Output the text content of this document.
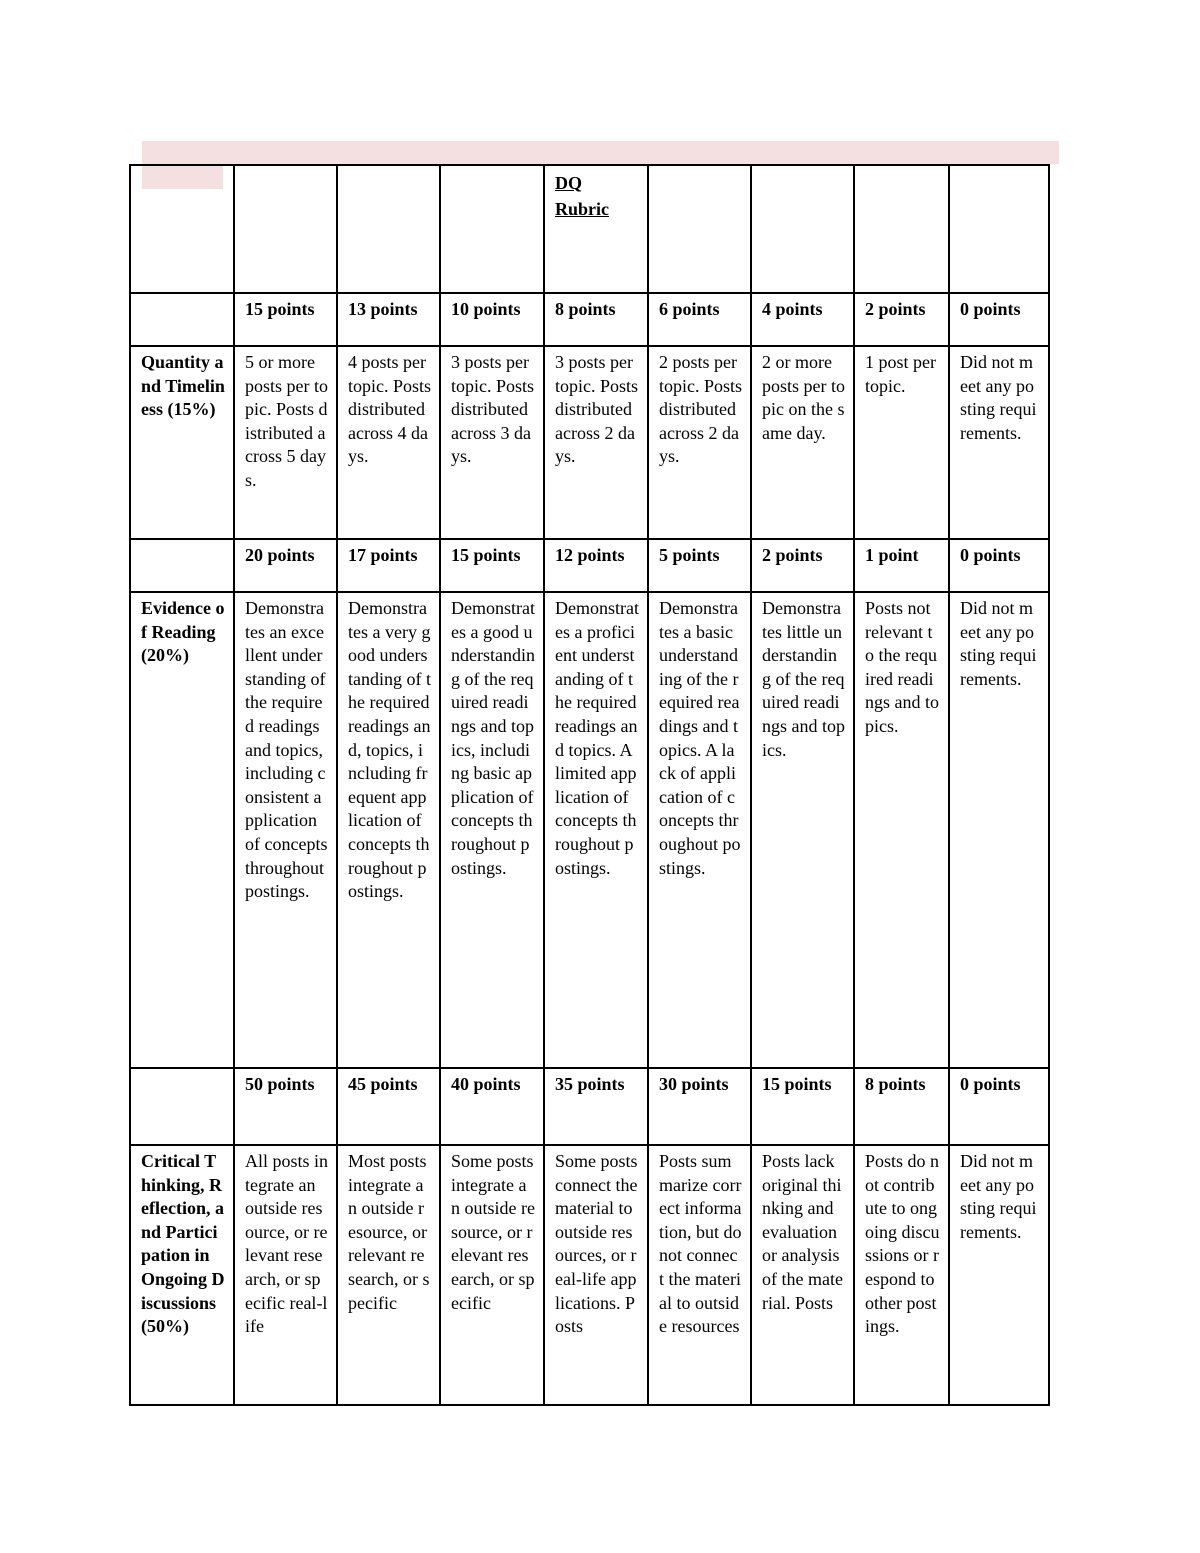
				DQ
Rubric				

	15 points	13 points	10 points	8 points	6 points	4 points	2 points	0 points
Quantity and Timeliness (15%)	5 or more posts per topic. Posts distributed across 5 days.	4 posts per topic. Posts distributed across 4 days.	3 posts per topic. Posts distributed across 3 days.	3 posts per topic. Posts distributed across 2 days.	2 posts per topic. Posts distributed across 2 days.	2 or more posts per topic on the same day.	1 post per topic.	Did not meet any posting requirements.
	20 points	17 points	15 points	12 points	5 points	2 points	1 point	0 points
Evidence of Reading (20%)	Demonstrates an excellent understanding of the required readings and topics, including consistent application of concepts throughout postings.	Demonstrates a very good understanding of the required readings and, topics, including frequent application of concepts throughout postings.	Demonstrates a good understanding of the required readings and topics, including basic application of concepts throughout postings.	Demonstrates a proficient understanding of the required readings and topics. A limited application of concepts throughout postings.	Demonstrates a basic understanding of the required readings and topics. A lack of application of concepts throughout postings.	Demonstrates little understanding of the required readings and topics.	Posts not relevant to the required readings and topics.	Did not meet any posting requirements.
	50 points	45 points	40 points	35 points	30 points	15 points	8 points	0 points
Critical Thinking, Reflection, and Participation in Ongoing Discussions (50%)	All posts integrate an outside resource, or relevant research, or specific real-life	Most posts integrate an outside resource, or relevant research, or specific	Some posts integrate an outside resource, or relevant research, or specific	Some posts connect the material to outside resources, or real-life applications. Posts	Posts summarize correct information, but do not connect the material to outside resources	Posts lack original thinking and evaluation or analysis of the material. Posts	Posts do not contribute to ongoing discussions or respond to other postings.	Did not meet any posting requirements.
